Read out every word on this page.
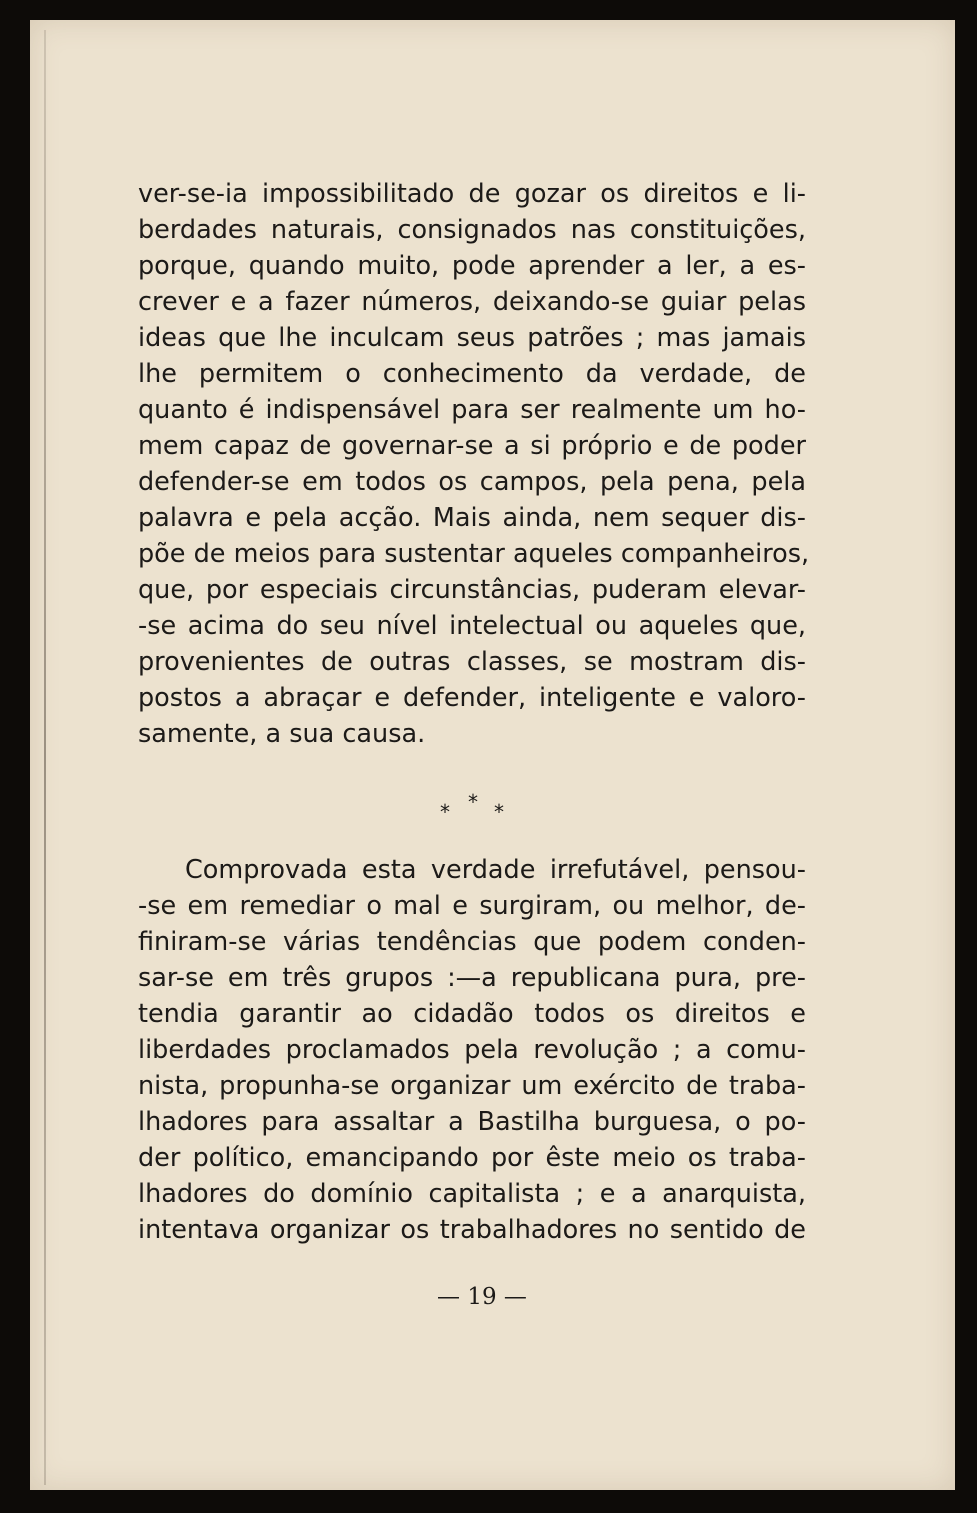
ver-se-ia impossibilitado de gozar os direitos e li-
berdades naturais, consignados nas constituições,
porque, quando muito, pode aprender a ler, a es-
crever e a fazer números, deixando-se guiar pelas
ideas que lhe inculcam seus patrões ; mas jamais
lhe permitem o conhecimento da verdade, de
quanto é indispensável para ser realmente um ho-
mem capaz de governar-se a si próprio e de poder
defender-se em todos os campos, pela pena, pela
palavra e pela acção. Mais ainda, nem sequer dis-
põe de meios para sustentar aqueles companheiros,
que, por especiais circunstâncias, puderam elevar-
-se acima do seu nível intelectual ou aqueles que,
provenientes de outras classes, se mostram dis-
postos a abraçar e defender, inteligente e valoro-
samente, a sua causa.
* * *
Comprovada esta verdade irrefutável, pensou-
-se em remediar o mal e surgiram, ou melhor, de-
finiram-se várias tendências que podem conden-
sar-se em três grupos :—a republicana pura, pre-
tendia garantir ao cidadão todos os direitos e
liberdades proclamados pela revolução ; a comu-
nista, propunha-se organizar um exército de traba-
lhadores para assaltar a Bastilha burguesa, o po-
der político, emancipando por êste meio os traba-
lhadores do domínio capitalista ; e a anarquista,
intentava organizar os trabalhadores no sentido de
— 19 —
